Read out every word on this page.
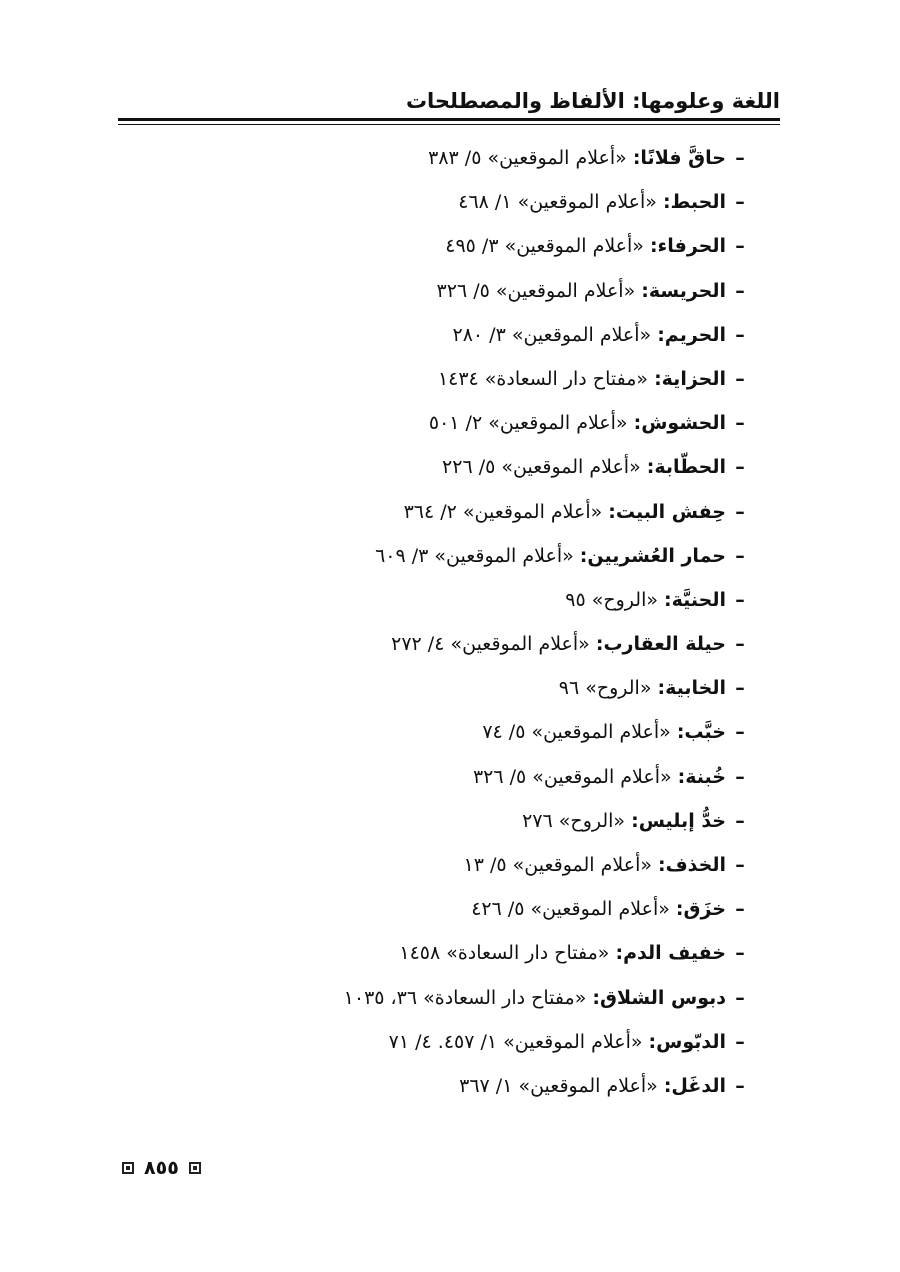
اللغة وعلومها: الألفاظ والمصطلحات
–حاقَّ فلانًا: «أعلام الموقعين» ٥/ ٣٨٣
–الحبط: «أعلام الموقعين» ١/ ٤٦٨
–الحرفاء: «أعلام الموقعين» ٣/ ٤٩٥
–الحريسة: «أعلام الموقعين» ٥/ ٣٢٦
–الحريم: «أعلام الموقعين» ٣/ ٢٨٠
–الحزاية: «مفتاح دار السعادة» ١٤٣٤
–الحشوش: «أعلام الموقعين» ٢/ ٥٠١
–الحطّابة: «أعلام الموقعين» ٥/ ٢٢٦
–حِفش البيت: «أعلام الموقعين» ٢/ ٣٦٤
–حمار العُشريين: «أعلام الموقعين» ٣/ ٦٠٩
–الحنيَّة: «الروح» ٩٥
–حيلة العقارب: «أعلام الموقعين» ٤/ ٢٧٢
–الخابية: «الروح» ٩٦
–خبَّب: «أعلام الموقعين» ٥/ ٧٤
–خُبنة: «أعلام الموقعين» ٥/ ٣٢٦
–خدُّ إبليس: «الروح» ٢٧٦
–الخذف: «أعلام الموقعين» ٥/ ١٣
–خزَق: «أعلام الموقعين» ٥/ ٤٢٦
–خفيف الدم: «مفتاح دار السعادة» ١٤٥٨
–دبوس الشلاق: «مفتاح دار السعادة» ٣٦، ١٠٣٥
–الدبّوس: «أعلام الموقعين» ١/ ٤٥٧. ٤/ ٧١
–الدغَل: «أعلام الموقعين» ١/ ٣٦٧
٨٥٥
